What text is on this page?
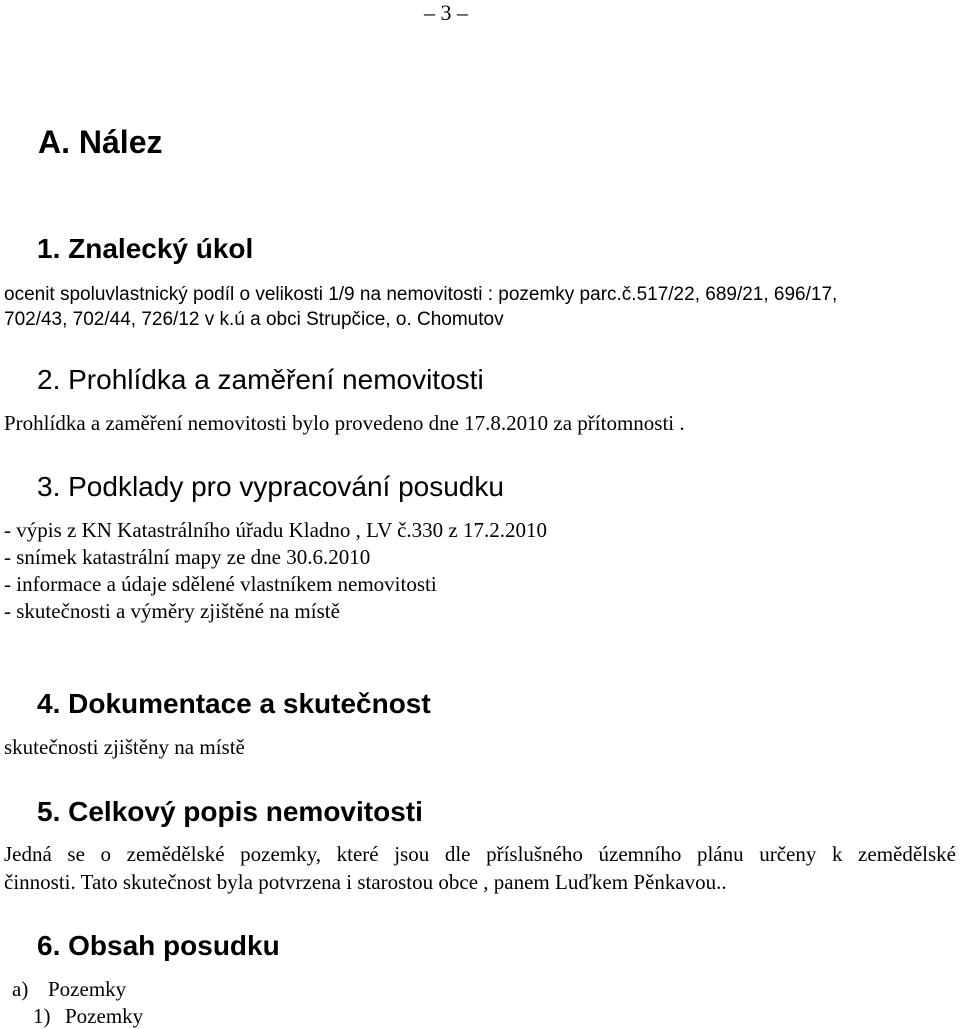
– 3 –
A. Nález
1. Znalecký úkol
ocenit spoluvlastnický podíl o velikosti 1/9 na nemovitosti : pozemky parc.č.517/22, 689/21, 696/17,
702/43, 702/44, 726/12 v k.ú a obci Strupčice, o. Chomutov
2. Prohlídka a zaměření nemovitosti
Prohlídka a zaměření nemovitosti bylo provedeno dne 17.8.2010 za přítomnosti .
3. Podklady pro vypracování posudku
- výpis z KN Katastrálního úřadu Kladno , LV č.330 z 17.2.2010
- snímek katastrální mapy ze dne 30.6.2010
- informace a údaje sdělené vlastníkem nemovitosti
- skutečnosti a výměry zjištěné na místě
4. Dokumentace a skutečnost
skutečnosti zjištěny na místě
5. Celkový popis nemovitosti
Jedná se o zemědělské pozemky, které jsou dle příslušného územního plánu určeny k zemědělské
činnosti. Tato skutečnost byla potvrzena i starostou obce , panem Luďkem Pěnkavou..
6. Obsah posudku
a) Pozemky
1) Pozemky
